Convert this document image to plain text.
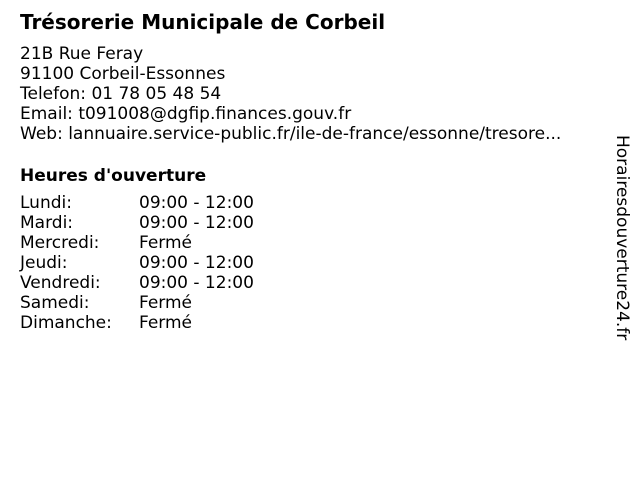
Trésorerie Municipale de Corbeil
21B Rue Feray
91100 Corbeil-Essonnes
Telefon: 01 78 05 48 54
Email: t091008@dgfip.finances.gouv.fr
Web: lannuaire.service-public.fr/ile-de-france/essonne/tresore...
Heures d'ouverture
Lundi:	09:00 - 12:00
Mardi:	09:00 - 12:00
Mercredi:	Fermé
Jeudi:	09:00 - 12:00
Vendredi:	09:00 - 12:00
Samedi:	Fermé
Dimanche:	Fermé	Horairesdouverture24.fr
